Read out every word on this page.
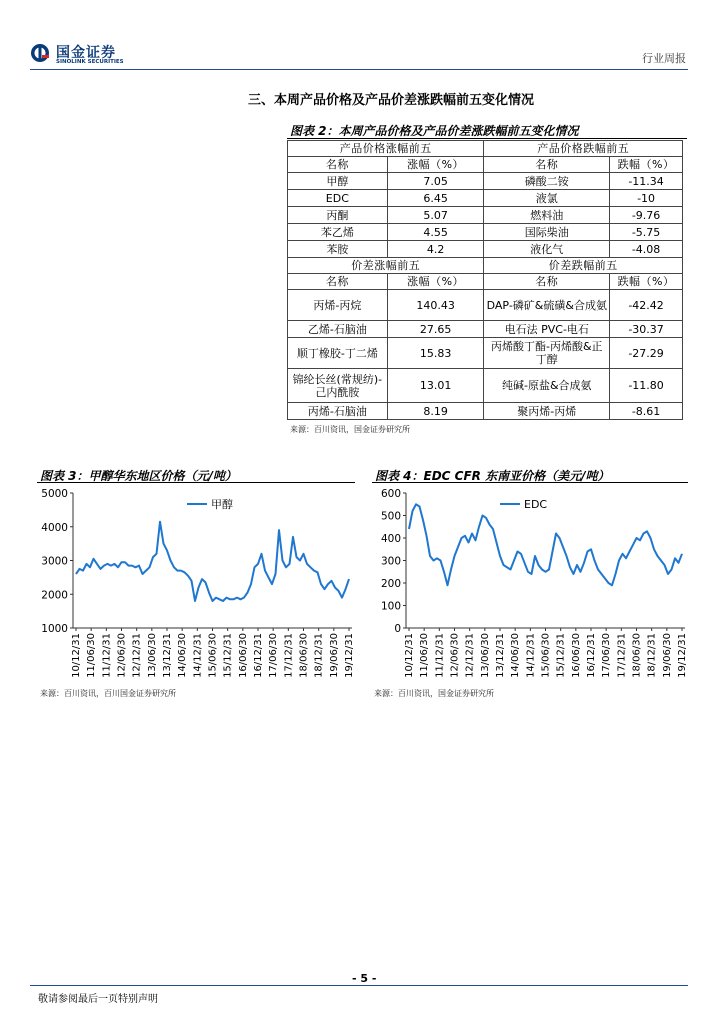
国金证券
SINOLINK SECURITIES	行业周报
三、本周产品价格及产品价差涨跌幅前五变化情况
图表 2：本周产品价格及产品价差涨跌幅前五变化情况
产品价格涨幅前五		产品价格跌幅前五	
名称	涨幅（%）	名称	跌幅（%）
甲醇	7.05	磷酸二铵	-11.34
EDC	6.45	液氯	-10
丙酮	5.07	燃料油	-9.76
苯乙烯	4.55	国际柴油	-5.75
苯胺	4.2	液化气	-4.08
价差涨幅前五		价差跌幅前五	
名称	涨幅（%）	名称	跌幅（%）
丙烯-丙烷	140.43	DAP-磷矿&硫磺&合成氨	-42.42
乙烯-石脑油	27.65	电石法 PVC-电石	-30.37
顺丁橡胶-丁二烯	15.83	丙烯酸丁酯-丙烯酸&正丁醇	-27.29
锦纶长丝(常规纺)-己内酰胺	13.01	纯碱-原盐&合成氨	-11.80
丙烯-石脑油	8.19	聚丙烯-丙烯	-8.61
来源：百川资讯，国金证券研究所
图表 3：甲醇华东地区价格（元/吨）
1000
2000
3000
4000
5000
10/12/31 11/06/30 11/12/31 12/06/30 12/12/31 13/06/30 13/12/31 14/06/30 14/12/31 15/06/30 15/12/31 16/06/30 16/12/31 17/06/30 17/12/31 18/06/30 18/12/31 19/06/30 19/12/31
甲醇
来源：百川资讯，百川国金证券研究所
图表 4：EDC CFR 东南亚价格（美元/吨）
0
100
200
300
400
500
600
10/12/31 11/06/30 11/12/31 12/06/30 12/12/31 13/06/30 13/12/31 14/06/30 14/12/31 15/06/30 15/12/31 16/06/30 16/12/31 17/06/30 17/12/31 18/06/30 18/12/31 19/06/30 19/12/31
EDC
来源：百川资讯，国金证券研究所
- 5 -
敬请参阅最后一页特别声明
